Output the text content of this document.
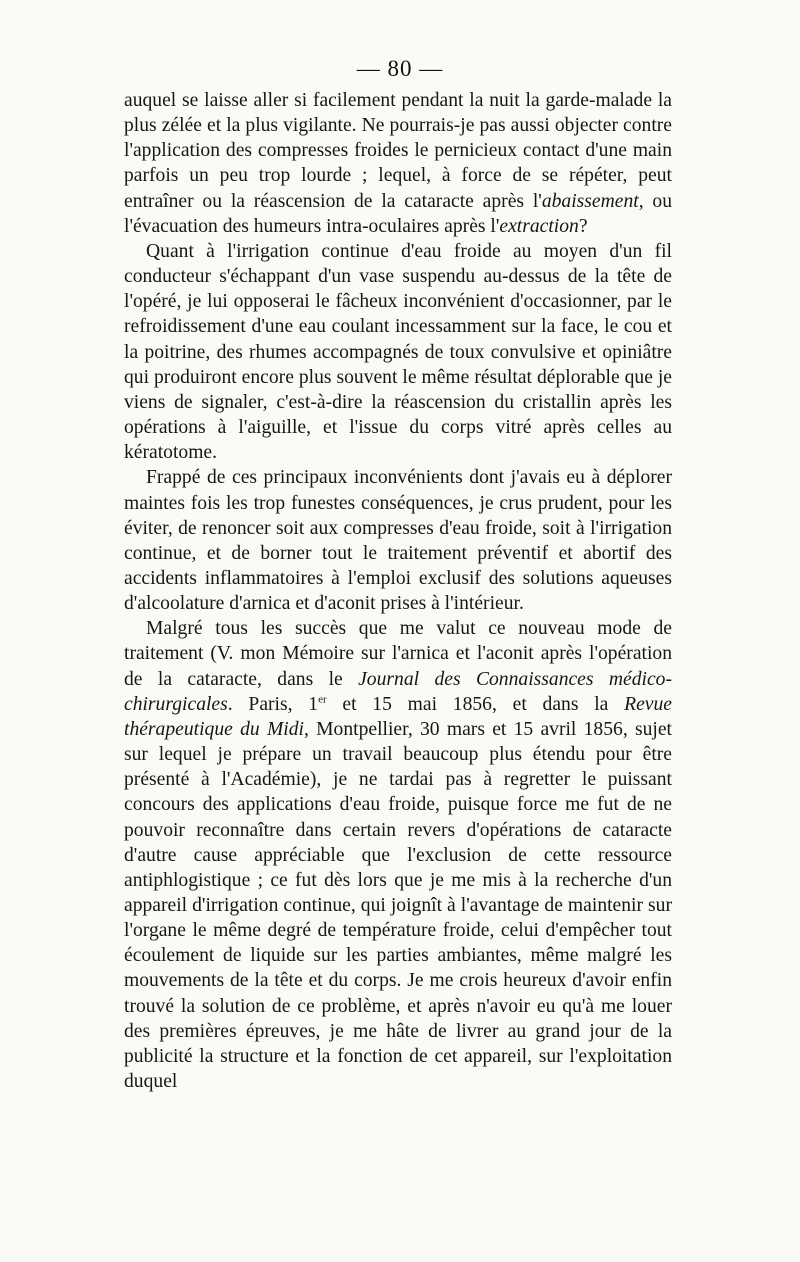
— 80 —

auquel se laisse aller si facilement pendant la nuit la garde-malade la plus zélée et la plus vigilante. Ne pourrais-je pas aussi objecter contre l'application des compresses froides le pernicieux contact d'une main parfois un peu trop lourde ; lequel, à force de se répéter, peut entraîner ou la réascension de la cataracte après l'abaissement, ou l'évacuation des humeurs intra-oculaires après l'extraction?

Quant à l'irrigation continue d'eau froide au moyen d'un fil conducteur s'échappant d'un vase suspendu au-dessus de la tête de l'opéré, je lui opposerai le fâcheux inconvénient d'occasionner, par le refroidissement d'une eau coulant incessamment sur la face, le cou et la poitrine, des rhumes accompagnés de toux convulsive et opiniâtre qui produiront encore plus souvent le même résultat déplorable que je viens de signaler, c'est-à-dire la réascension du cristallin après les opérations à l'aiguille, et l'issue du corps vitré après celles au kératotome.

Frappé de ces principaux inconvénients dont j'avais eu à déplorer maintes fois les trop funestes conséquences, je crus prudent, pour les éviter, de renoncer soit aux compresses d'eau froide, soit à l'irrigation continue, et de borner tout le traitement préventif et abortif des accidents inflammatoires à l'emploi exclusif des solutions aqueuses d'alcoolature d'arnica et d'aconit prises à l'intérieur.

Malgré tous les succès que me valut ce nouveau mode de traitement (V. mon Mémoire sur l'arnica et l'aconit après l'opération de la cataracte, dans le Journal des Connaissances médico-chirurgicales. Paris, 1er et 15 mai 1856, et dans la Revue thérapeutique du Midi, Montpellier, 30 mars et 15 avril 1856, sujet sur lequel je prépare un travail beaucoup plus étendu pour être présenté à l'Académie), je ne tardai pas à regretter le puissant concours des applications d'eau froide, puisque force me fut de ne pouvoir reconnaître dans certain revers d'opérations de cataracte d'autre cause appréciable que l'exclusion de cette ressource antiphlogistique ; ce fut dès lors que je me mis à la recherche d'un appareil d'irrigation continue, qui joignît à l'avantage de maintenir sur l'organe le même degré de température froide, celui d'empêcher tout écoulement de liquide sur les parties ambiantes, même malgré les mouvements de la tête et du corps. Je me crois heureux d'avoir enfin trouvé la solution de ce problème, et après n'avoir eu qu'à me louer des premières épreuves, je me hâte de livrer au grand jour de la publicité la structure et la fonction de cet appareil, sur l'exploitation duquel
